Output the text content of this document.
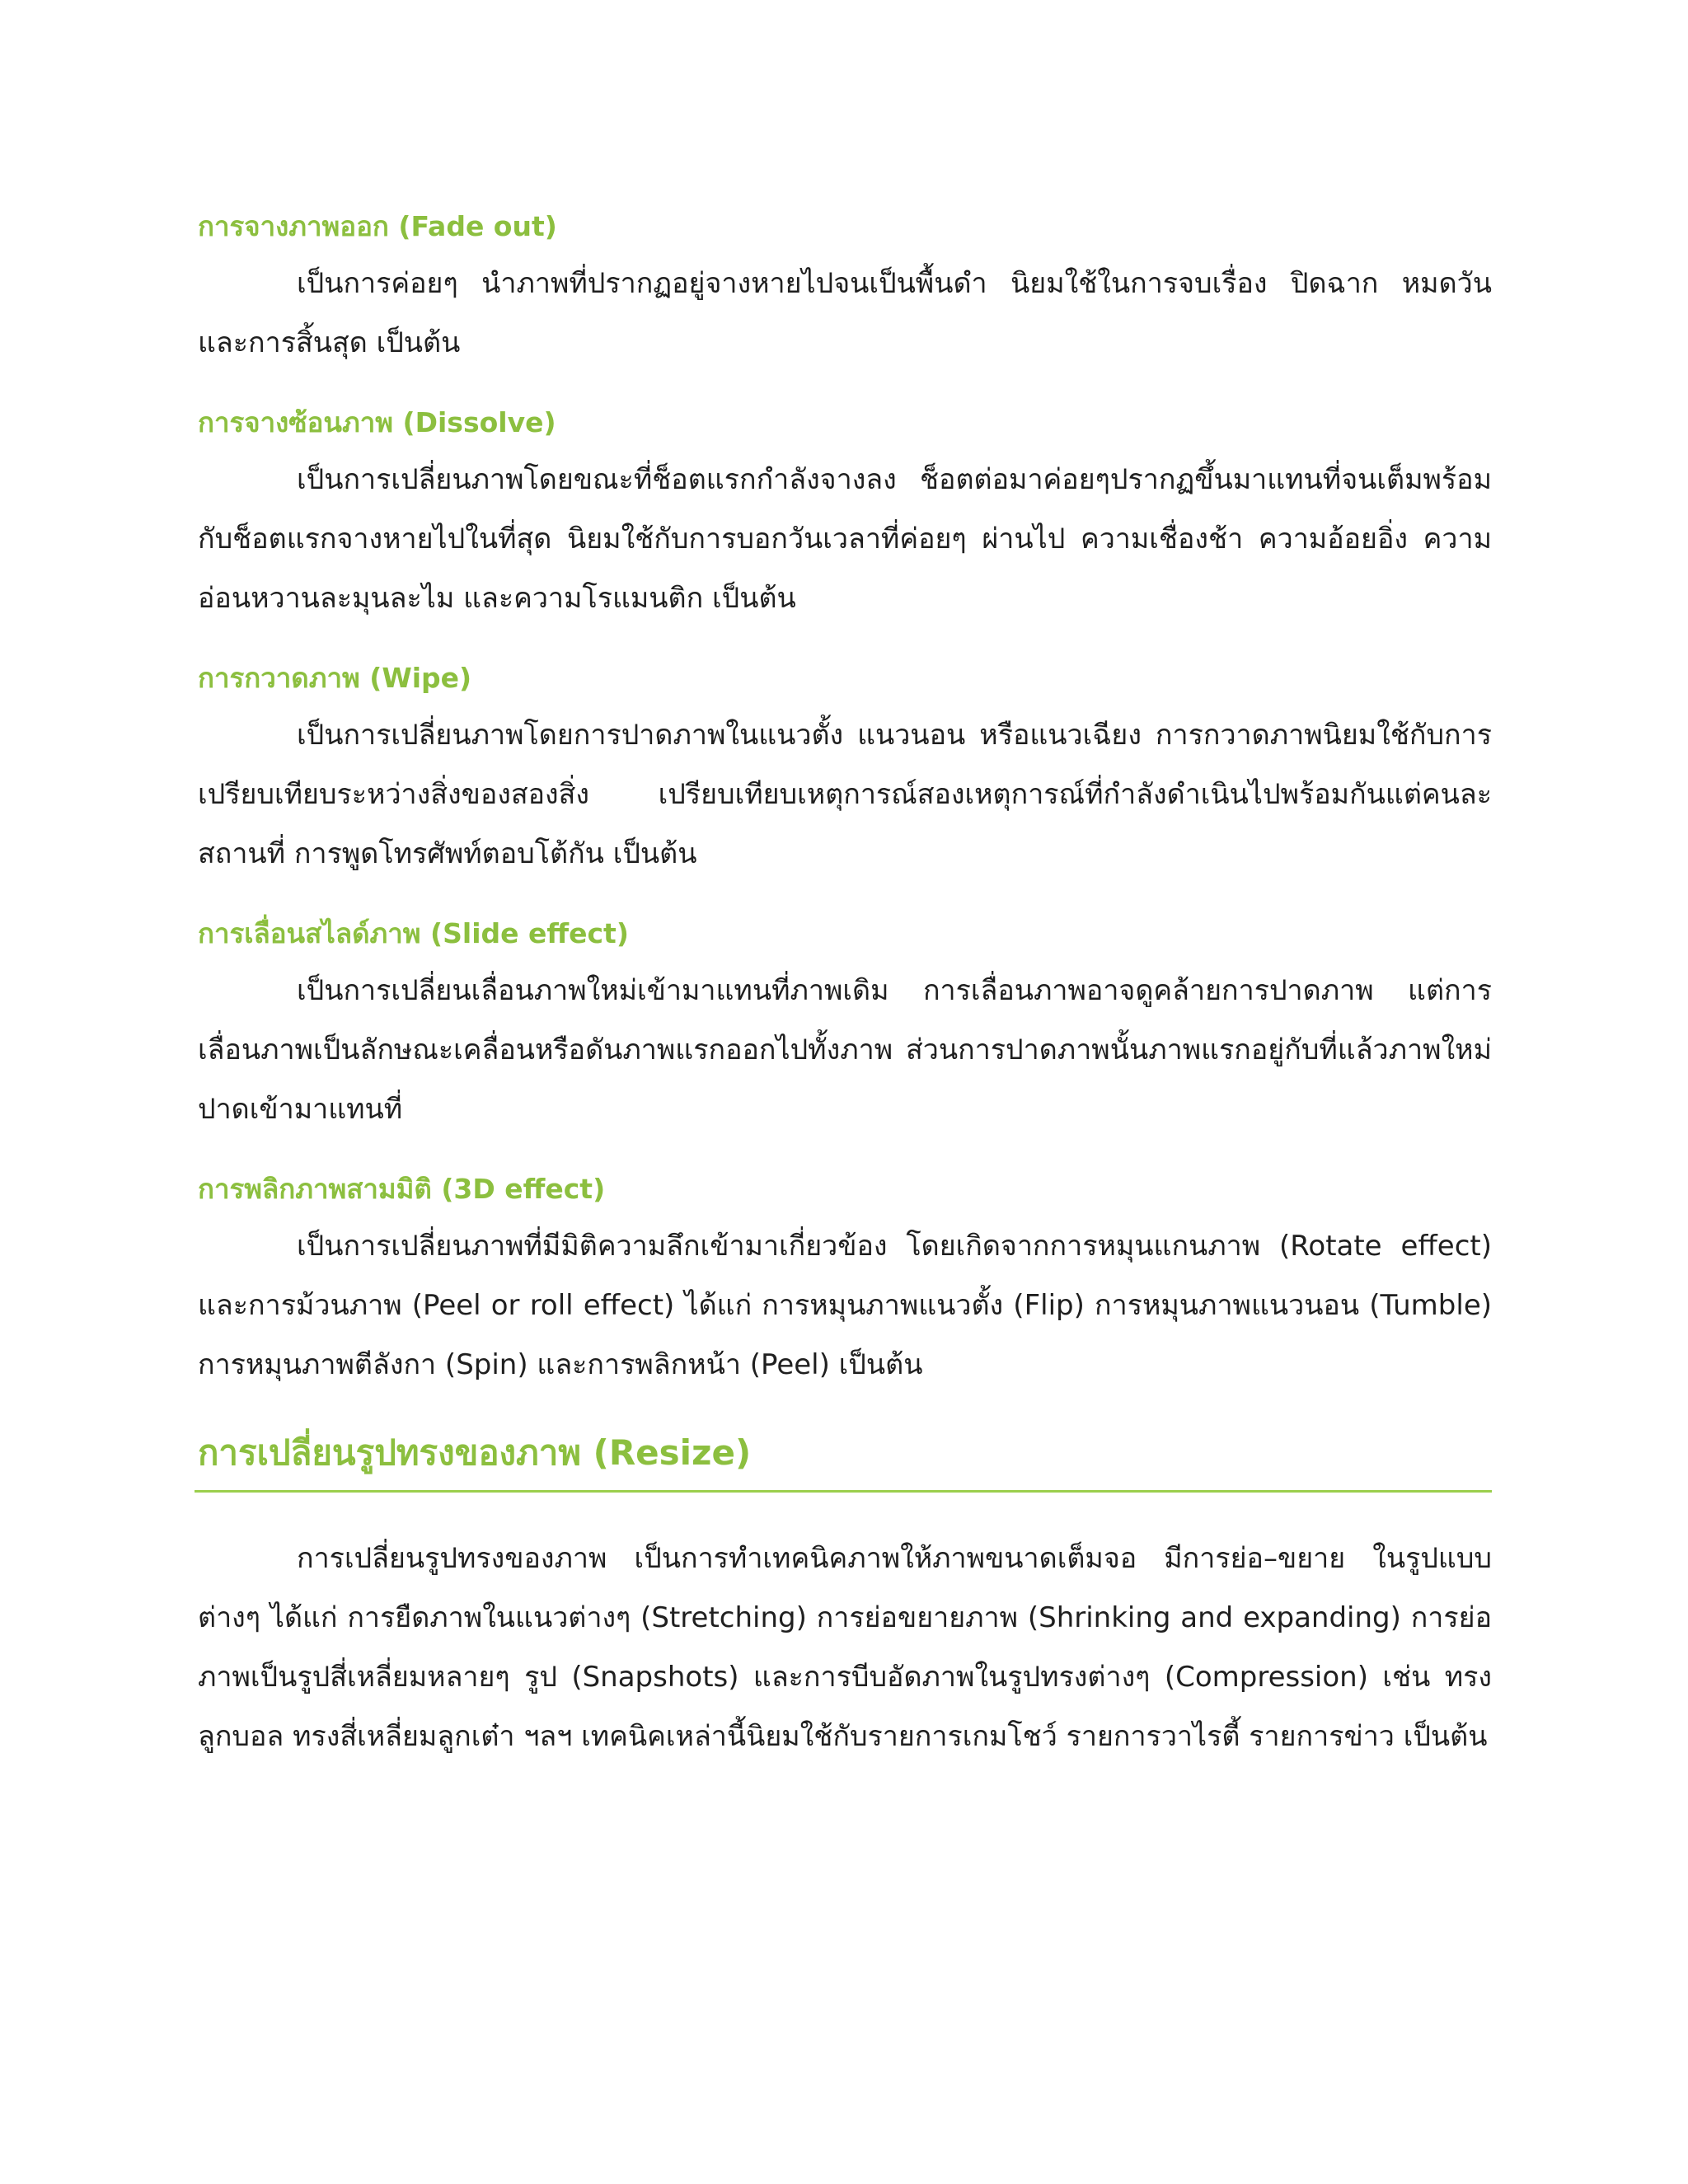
การจางภาพออก (Fade out)

เป็นการค่อยๆ นำภาพที่ปรากฏอยู่จางหายไปจนเป็นพื้นดำ นิยมใช้ในการจบเรื่อง ปิดฉาก หมดวัน และการสิ้นสุด เป็นต้น

การจางซ้อนภาพ (Dissolve)

เป็นการเปลี่ยนภาพโดยขณะที่ช็อตแรกกำลังจางลง ช็อตต่อมาค่อยๆปรากฏขึ้นมาแทนที่จนเต็มพร้อมกับช็อตแรกจางหายไปในที่สุด นิยมใช้กับการบอกวันเวลาที่ค่อยๆ ผ่านไป ความเชื่องช้า ความอ้อยอิ่ง ความอ่อนหวานละมุนละไม และความโรแมนติก เป็นต้น

การกวาดภาพ (Wipe)

เป็นการเปลี่ยนภาพโดยการปาดภาพในแนวตั้ง แนวนอน หรือแนวเฉียง การกวาดภาพนิยมใช้กับการเปรียบเทียบระหว่างสิ่งของสองสิ่ง เปรียบเทียบเหตุการณ์สองเหตุการณ์ที่กำลังดำเนินไปพร้อมกันแต่คนละสถานที่ การพูดโทรศัพท์ตอบโต้กัน เป็นต้น

การเลื่อนสไลด์ภาพ (Slide effect)

เป็นการเปลี่ยนเลื่อนภาพใหม่เข้ามาแทนที่ภาพเดิม การเลื่อนภาพอาจดูคล้ายการปาดภาพ แต่การเลื่อนภาพเป็นลักษณะเคลื่อนหรือดันภาพแรกออกไปทั้งภาพ ส่วนการปาดภาพนั้นภาพแรกอยู่กับที่แล้วภาพใหม่ปาดเข้ามาแทนที่

การพลิกภาพสามมิติ (3D effect)

เป็นการเปลี่ยนภาพที่มีมิติความลึกเข้ามาเกี่ยวข้อง โดยเกิดจากการหมุนแกนภาพ (Rotate effect) และการม้วนภาพ (Peel or roll effect) ได้แก่ การหมุนภาพแนวตั้ง (Flip) การหมุนภาพแนวนอน (Tumble) การหมุนภาพตีลังกา (Spin) และการพลิกหน้า (Peel) เป็นต้น

การเปลี่ยนรูปทรงของภาพ (Resize)

การเปลี่ยนรูปทรงของภาพ เป็นการทำเทคนิคภาพให้ภาพขนาดเต็มจอ มีการย่อ–ขยาย ในรูปแบบต่างๆ ได้แก่ การยืดภาพในแนวต่างๆ (Stretching) การย่อขยายภาพ (Shrinking and expanding) การย่อภาพเป็นรูปสี่เหลี่ยมหลายๆ รูป (Snapshots) และการบีบอัดภาพในรูปทรงต่างๆ (Compression) เช่น ทรงลูกบอล ทรงสี่เหลี่ยมลูกเต๋า ฯลฯ เทคนิคเหล่านี้นิยมใช้กับรายการเกมโชว์ รายการวาไรตี้ รายการข่าว เป็นต้น
